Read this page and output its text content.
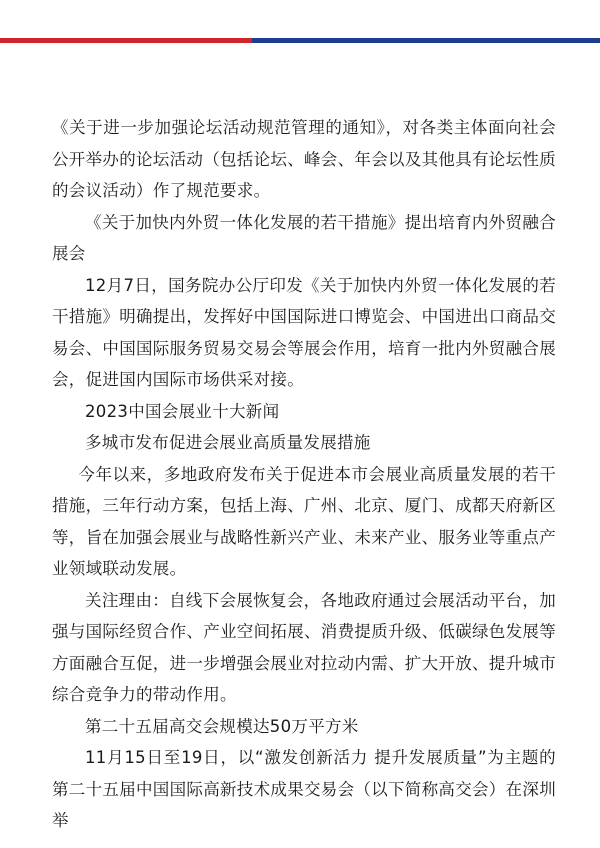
《关于进一步加强论坛活动规范管理的通知》，对各类主体面向社会公开举办的论坛活动（包括论坛、峰会、年会以及其他具有论坛性质的会议活动）作了规范要求。

《关于加快内外贸一体化发展的若干措施》提出培育内外贸融合展会

12月7日，国务院办公厅印发《关于加快内外贸一体化发展的若干措施》明确提出，发挥好中国国际进口博览会、中国进出口商品交易会、中国国际服务贸易交易会等展会作用，培育一批内外贸融合展会，促进国内国际市场供采对接。

2023中国会展业十大新闻

多城市发布促进会展业高质量发展措施

今年以来，多地政府发布关于促进本市会展业高质量发展的若干措施，三年行动方案，包括上海、广州、北京、厦门、成都天府新区等，旨在加强会展业与战略性新兴产业、未来产业、服务业等重点产业领域联动发展。

关注理由：自线下会展恢复会，各地政府通过会展活动平台，加强与国际经贸合作、产业空间拓展、消费提质升级、低碳绿色发展等方面融合互促，进一步增强会展业对拉动内需、扩大开放、提升城市综合竞争力的带动作用。

第二十五届高交会规模达50万平方米

11月15日至19日，以“激发创新活力 提升发展质量”为主题的第二十五届中国国际高新技术成果交易会（以下简称高交会）在深圳举
